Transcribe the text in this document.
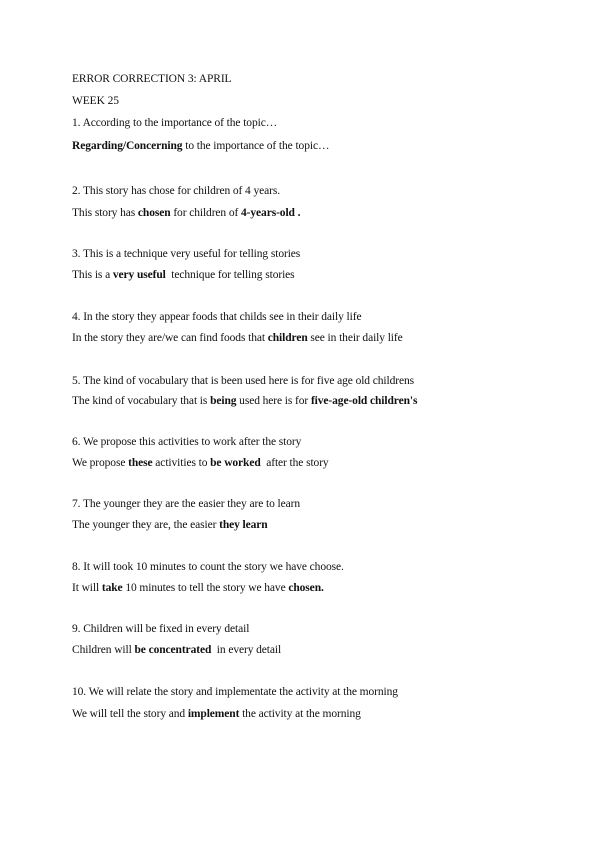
ERROR CORRECTION 3: APRIL
WEEK 25
1. According to the importance of the topic…
Regarding/Concerning to the importance of the topic…
2. This story has chose for children of 4 years.
This story has chosen for children of 4-years-old .
3. This is a technique very useful for telling stories
This is a very useful  technique for telling stories
4. In the story they appear foods that childs see in their daily life
In the story they are/we can find foods that children see in their daily life
5. The kind of vocabulary that is been used here is for five age old childrens
The kind of vocabulary that is being used here is for five-age-old children's
6. We propose this activities to work after the story
We propose these activities to be worked  after the story
7. The younger they are the easier they are to learn
The younger they are, the easier they learn
8. It will took 10 minutes to count the story we have choose.
It will take 10 minutes to tell the story we have chosen.
9. Children will be fixed in every detail
Children will be concentrated  in every detail
10. We will relate the story and implementate the activity at the morning
We will tell the story and implement the activity at the morning
